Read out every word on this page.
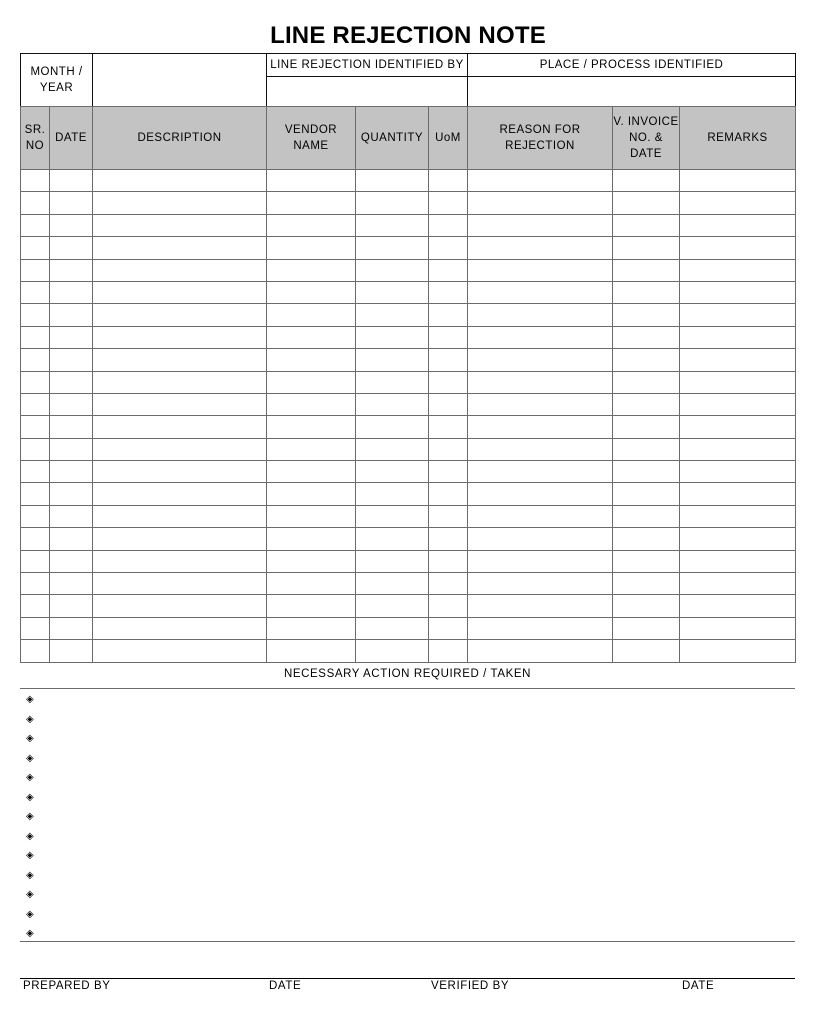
LINE REJECTION NOTE
MONTH / YEAR		LINE REJECTION IDENTIFIED BY	PLACE / PROCESS IDENTIFIED

SR. NO	DATE	DESCRIPTION	VENDOR NAME	QUANTITY	UoM	REASON FOR REJECTION	V. INVOICE NO. & DATE	REMARKS

NECESSARY ACTION REQUIRED / TAKEN
◈
◈
◈
◈
◈
◈
◈
◈
◈
◈
◈
◈
◈
PREPARED BY	DATE	VERIFIED BY	DATE
